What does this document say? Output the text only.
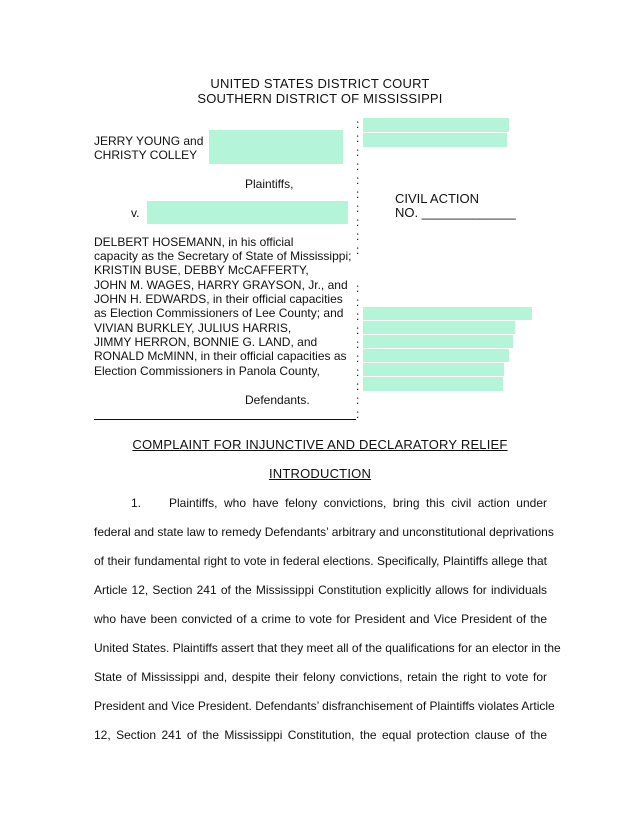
UNITED STATES DISTRICT COURT
SOUTHERN DISTRICT OF MISSISSIPPI
JERRY YOUNG and
CHRISTY COLLEY
Plaintiffs,
v.
DELBERT HOSEMANN, in his official
capacity as the Secretary of State of Mississippi;
KRISTIN BUSE, DEBBY McCAFFERTY,
JOHN M. WAGES, HARRY GRAYSON, Jr., and
JOHN H. EDWARDS, in their official capacities
as Election Commissioners of Lee County; and
VIVIAN BURKLEY, JULIUS HARRIS,
JIMMY HERRON, BONNIE G. LAND, and
RONALD McMINN, in their official capacities as
Election Commissioners in Panola County,
Defendants.
CIVIL ACTION
NO. _____________
:
:
:
:
:
:
:
:
:
:
:
:
:
:
:
:
:
:
:
:
COMPLAINT FOR INJUNCTIVE AND DECLARATORY RELIEF
INTRODUCTION
1. Plaintiffs, who have felony convictions, bring this civil action under
federal and state law to remedy Defendants’ arbitrary and unconstitutional deprivations
of their fundamental right to vote in federal elections. Specifically, Plaintiffs allege that
Article 12, Section 241 of the Mississippi Constitution explicitly allows for individuals
who have been convicted of a crime to vote for President and Vice President of the
United States. Plaintiffs assert that they meet all of the qualifications for an elector in the
State of Mississippi and, despite their felony convictions, retain the right to vote for
President and Vice President. Defendants’ disfranchisement of Plaintiffs violates Article
12, Section 241 of the Mississippi Constitution, the equal protection clause of the
